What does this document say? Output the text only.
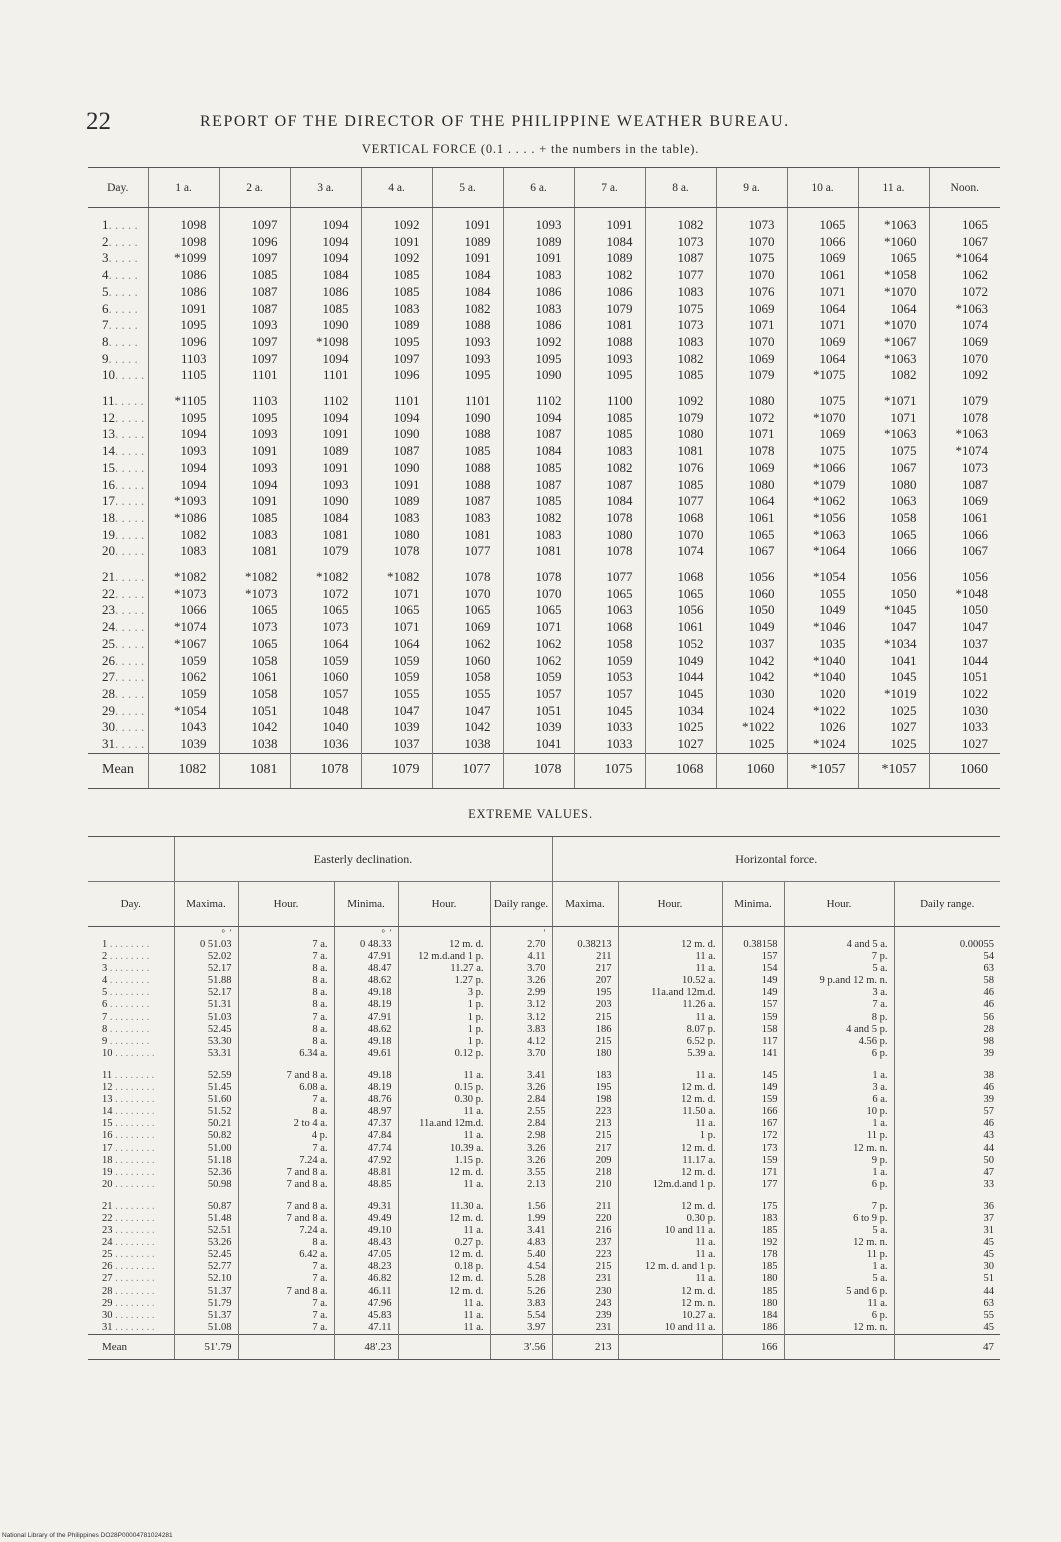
22	REPORT OF THE DIRECTOR OF THE PHILIPPINE WEATHER BUREAU.
VERTICAL FORCE (0.1 . . . . + the numbers in the table).
Day.	1 a.	2 a.	3 a.	4 a.	5 a.	6 a.	7 a.	8 a.	9 a.	10 a.	11 a.	Noon.

1. . . . .	1098	1097	1094	1092	1091	1093	1091	1082	1073	1065	*1063	1065
2. . . . .	1098	1096	1094	1091	1089	1089	1084	1073	1070	1066	*1060	1067
3. . . . .	*1099	1097	1094	1092	1091	1091	1089	1087	1075	1069	1065	*1064
4. . . . .	1086	1085	1084	1085	1084	1083	1082	1077	1070	1061	*1058	1062
5. . . . .	1086	1087	1086	1085	1084	1086	1086	1083	1076	1071	*1070	1072
6. . . . .	1091	1087	1085	1083	1082	1083	1079	1075	1069	1064	1064	*1063
7. . . . .	1095	1093	1090	1089	1088	1086	1081	1073	1071	1071	*1070	1074
8. . . . .	1096	1097	*1098	1095	1093	1092	1088	1083	1070	1069	*1067	1069
9. . . . .	1103	1097	1094	1097	1093	1095	1093	1082	1069	1064	*1063	1070
10. . . . .	1105	1101	1101	1096	1095	1090	1095	1085	1079	*1075	1082	1092

11. . . . .	*1105	1103	1102	1101	1101	1102	1100	1092	1080	1075	*1071	1079
12. . . . .	1095	1095	1094	1094	1090	1094	1085	1079	1072	*1070	1071	1078
13. . . . .	1094	1093	1091	1090	1088	1087	1085	1080	1071	1069	*1063	*1063
14. . . . .	1093	1091	1089	1087	1085	1084	1083	1081	1078	1075	1075	*1074
15. . . . .	1094	1093	1091	1090	1088	1085	1082	1076	1069	*1066	1067	1073
16. . . . .	1094	1094	1093	1091	1088	1087	1087	1085	1080	*1079	1080	1087
17. . . . .	*1093	1091	1090	1089	1087	1085	1084	1077	1064	*1062	1063	1069
18. . . . .	*1086	1085	1084	1083	1083	1082	1078	1068	1061	*1056	1058	1061
19. . . . .	1082	1083	1081	1080	1081	1083	1080	1070	1065	*1063	1065	1066
20. . . . .	1083	1081	1079	1078	1077	1081	1078	1074	1067	*1064	1066	1067

21. . . . .	*1082	*1082	*1082	*1082	1078	1078	1077	1068	1056	*1054	1056	1056
22. . . . .	*1073	*1073	1072	1071	1070	1070	1065	1065	1060	1055	1050	*1048
23. . . . .	1066	1065	1065	1065	1065	1065	1063	1056	1050	1049	*1045	1050
24. . . . .	*1074	1073	1073	1071	1069	1071	1068	1061	1049	*1046	1047	1047
25. . . . .	*1067	1065	1064	1064	1062	1062	1058	1052	1037	1035	*1034	1037
26. . . . .	1059	1058	1059	1059	1060	1062	1059	1049	1042	*1040	1041	1044
27. . . . .	1062	1061	1060	1059	1058	1059	1053	1044	1042	*1040	1045	1051
28. . . . .	1059	1058	1057	1055	1055	1057	1057	1045	1030	1020	*1019	1022
29. . . . .	*1054	1051	1048	1047	1047	1051	1045	1034	1024	*1022	1025	1030
30. . . . .	1043	1042	1040	1039	1042	1039	1033	1025	*1022	1026	1027	1033
31. . . . .	1039	1038	1036	1037	1038	1041	1033	1027	1025	*1024	1025	1027
Mean	1082	1081	1078	1079	1077	1078	1075	1068	1060	*1057	*1057	1060
EXTREME VALUES.
	Easterly declination.					Horizontal force.				
Day.	Maxima.	Hour.	Minima.	Hour.	Daily range.	Maxima.	Hour.	Minima.	Hour.	Daily range.
	°  ′		°  ′		′					
1 . . . . . . . .	0 51.03	7 a.	0 48.33	12 m. d.	2.70	0.38213	12 m. d.	0.38158	4 and 5 a.	0.00055
2 . . . . . . . .	52.02	7 a.	47.91	12 m.d.and 1 p.	4.11	211	11 a.	157	7 p.	54
3 . . . . . . . .	52.17	8 a.	48.47	11.27 a.	3.70	217	11 a.	154	5 a.	63
4 . . . . . . . .	51.88	8 a.	48.62	1.27 p.	3.26	207	10.52 a.	149	9 p.and 12 m. n.	58
5 . . . . . . . .	52.17	8 a.	49.18	3 p.	2.99	195	11a.and 12m.d.	149	3 a.	46
6 . . . . . . . .	51.31	8 a.	48.19	1 p.	3.12	203	11.26 a.	157	7 a.	46
7 . . . . . . . .	51.03	7 a.	47.91	1 p.	3.12	215	11 a.	159	8 p.	56
8 . . . . . . . .	52.45	8 a.	48.62	1 p.	3.83	186	8.07 p.	158	4 and 5 p.	28
9 . . . . . . . .	53.30	8 a.	49.18	1 p.	4.12	215	6.52 p.	117	4.56 p.	98
10 . . . . . . . .	53.31	6.34 a.	49.61	0.12 p.	3.70	180	5.39 a.	141	6 p.	39

11 . . . . . . . .	52.59	7 and 8 a.	49.18	11 a.	3.41	183	11 a.	145	1 a.	38
12 . . . . . . . .	51.45	6.08 a.	48.19	0.15 p.	3.26	195	12 m. d.	149	3 a.	46
13 . . . . . . . .	51.60	7 a.	48.76	0.30 p.	2.84	198	12 m. d.	159	6 a.	39
14 . . . . . . . .	51.52	8 a.	48.97	11 a.	2.55	223	11.50 a.	166	10 p.	57
15 . . . . . . . .	50.21	2 to 4 a.	47.37	11a.and 12m.d.	2.84	213	11 a.	167	1 a.	46
16 . . . . . . . .	50.82	4 p.	47.84	11 a.	2.98	215	1 p.	172	11 p.	43
17 . . . . . . . .	51.00	7 a.	47.74	10.39 a.	3.26	217	12 m. d.	173	12 m. n.	44
18 . . . . . . . .	51.18	7.24 a.	47.92	1.15 p.	3.26	209	11.17 a.	159	9 p.	50
19 . . . . . . . .	52.36	7 and 8 a.	48.81	12 m. d.	3.55	218	12 m. d.	171	1 a.	47
20 . . . . . . . .	50.98	7 and 8 a.	48.85	11 a.	2.13	210	12m.d.and 1 p.	177	6 p.	33

21 . . . . . . . .	50.87	7 and 8 a.	49.31	11.30 a.	1.56	211	12 m. d.	175	7 p.	36
22 . . . . . . . .	51.48	7 and 8 a.	49.49	12 m. d.	1.99	220	0.30 p.	183	6 to 9 p.	37
23 . . . . . . . .	52.51	7.24 a.	49.10	11 a.	3.41	216	10 and 11 a.	185	5 a.	31
24 . . . . . . . .	53.26	8 a.	48.43	0.27 p.	4.83	237	11 a.	192	12 m. n.	45
25 . . . . . . . .	52.45	6.42 a.	47.05	12 m. d.	5.40	223	11 a.	178	11 p.	45
26 . . . . . . . .	52.77	7 a.	48.23	0.18 p.	4.54	215	12 m. d. and 1 p.	185	1 a.	30
27 . . . . . . . .	52.10	7 a.	46.82	12 m. d.	5.28	231	11 a.	180	5 a.	51
28 . . . . . . . .	51.37	7 and 8 a.	46.11	12 m. d.	5.26	230	12 m. d.	185	5 and 6 p.	44
29 . . . . . . . .	51.79	7 a.	47.96	11 a.	3.83	243	12 m. n.	180	11 a.	63
30 . . . . . . . .	51.37	7 a.	45.83	11 a.	5.54	239	10.27 a.	184	6 p.	55
31 . . . . . . . .	51.08	7 a.	47.11	11 a.	3.97	231	10 and 11 a.	186	12 m. n.	45
Mean	51′.79		48′.23		3′.56	213		166		47
National Library of the Philippines DO28P00004781024281
